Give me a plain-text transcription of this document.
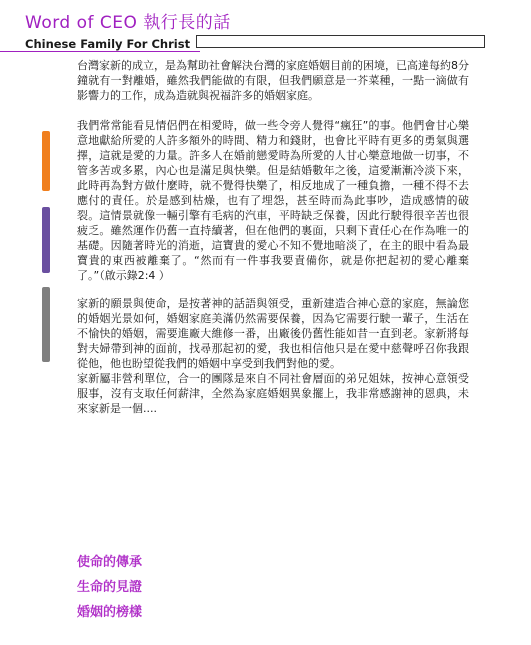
Word of CEO 執行長的話
Chinese Family For Christ

台灣家新的成立，是為幫助社會解決台灣的家庭婚姻目前的困境，已高達每約8分鐘就有一對離婚，雖然我們能做的有限，但我們願意是一芥菜種，一點一滴做有影響力的工作，成為造就與祝福許多的婚姻家庭。

我們常常能看見情侶們在相愛時，做一些令旁人覺得“瘋狂”的事。他們會甘心樂意地獻給所愛的人許多額外的時間、精力和錢財，也會比平時有更多的勇氣與選擇，這就是愛的力量。許多人在婚前戀愛時為所愛的人甘心樂意地做一切事，不管多苦或多累，內心也是滿足與快樂。但是結婚數年之後，這愛漸漸冷淡下來，此時再為對方做什麼時，就不覺得快樂了，相反地成了一種負擔，一種不得不去應付的責任。於是感到枯燥，也有了埋怨，甚至時而為此事吵，造成感情的破裂。這情景就像一輛引擎有毛病的汽車，平時缺乏保養，因此行駛得很辛苦也很疲乏。雖然運作仍舊一直持續著，但在他們的裏面，只剩下責任心在作為唯一的基礎。因隨著時光的消逝，這寶貴的愛心不知不覺地暗淡了，在主的眼中看為最寶貴的東西被離棄了。“然而有一件事我要責備你，就是你把起初的愛心離棄了。”（啟示錄2:4 ）

家新的願景與使命，是按著神的話語與領受，重新建造合神心意的家庭，無論您的婚姻光景如何，婚姻家庭美滿仍然需要保養，因為它需要行駛一輩子，生活在不愉快的婚姻，需要進廠大維修一番，出廠後仍舊性能如昔一直到老。家新將每對夫婦帶到神的面前，找尋那起初的愛，我也相信他只是在愛中慈聲呼召你我跟從他，他也盼望從我們的婚姻中享受到我們對他的愛。

家新屬非營利單位，合一的團隊是來自不同社會層面的弟兄姐妹，按神心意領受服事，沒有支取任何薪津，全然為家庭婚姻異象擺上，我非常感謝神的恩典，未來家新是一個....

使命的傳承
生命的見證
婚姻的榜樣
